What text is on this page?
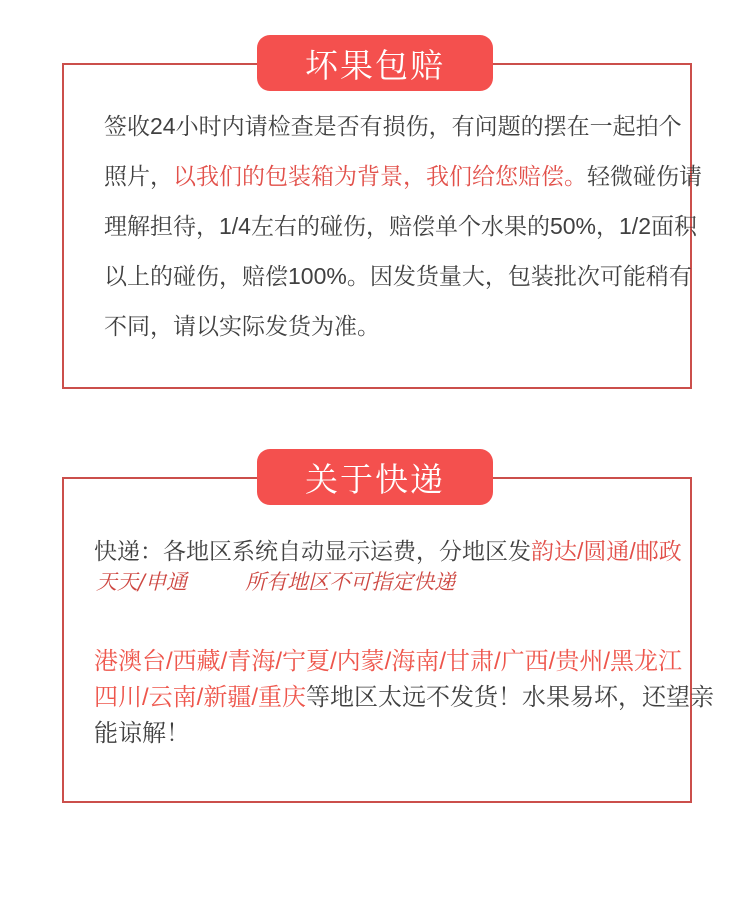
坏果包赔
签收24小时内请检查是否有损伤，有问题的摆在一起拍个
照片，以我们的包装箱为背景，我们给您赔偿。轻微碰伤请
理解担待，1/4左右的碰伤，赔偿单个水果的50%，1/2面积
以上的碰伤，赔偿100%。因发货量大，包装批次可能稍有
不同，请以实际发货为准。
关于快递
快递：各地区系统自动显示运费，分地区发韵达/圆通/邮政
天天/申通	所有地区不可指定快递
港澳台/西藏/青海/宁夏/内蒙/海南/甘肃/广西/贵州/黑龙江
四川/云南/新疆/重庆等地区太远不发货！水果易坏，还望亲
能谅解！
